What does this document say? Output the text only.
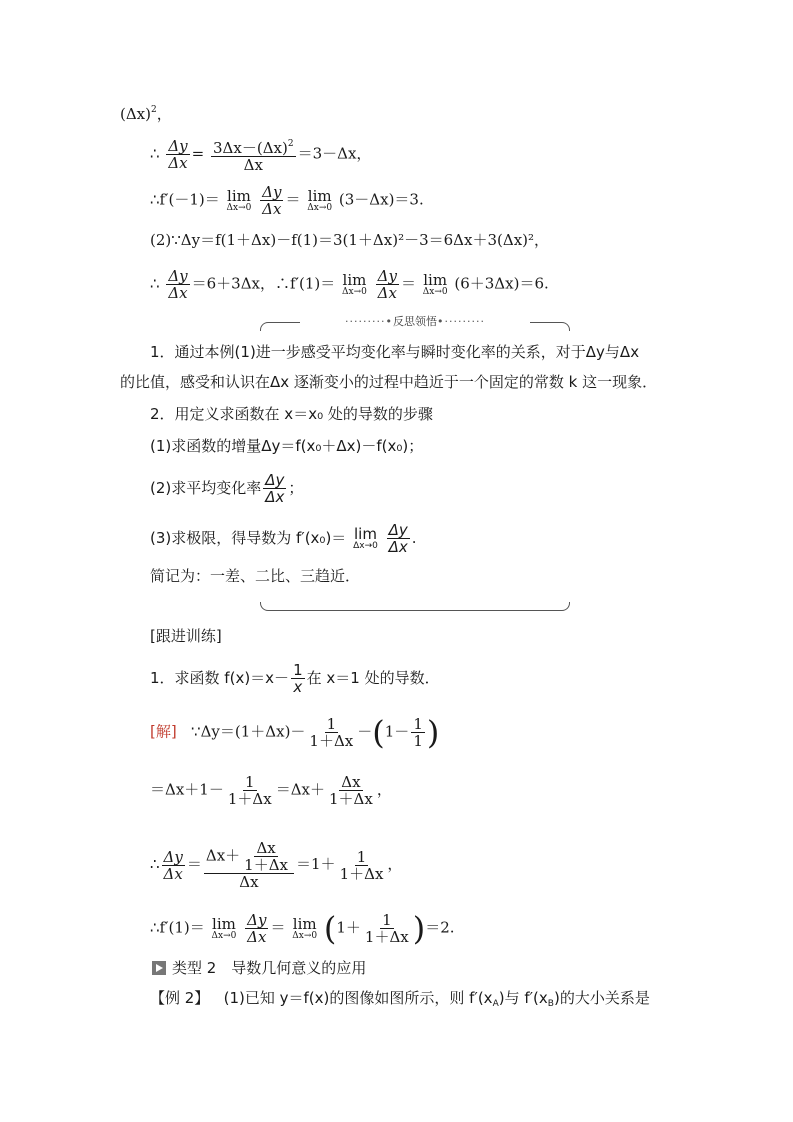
$(\Delta x)^2$，
∴ $\frac{\Delta y}{\Delta x} = \frac{3\Delta x-(\Delta x)^2}{\Delta x} =3-\Delta x$，
∴f′(－1)＝ lim
Δx→0
$\frac{\Delta y}{\Delta x} = \lim$
Δx→0 (3－Δx)＝3.
(2)∵Δy＝f(1＋Δx)－f(1)＝3(1＋Δx)²－3＝6Δx＋3(Δx)²，
∴ $\frac{\Delta y}{\Delta x} =6+3\Delta x$，∴f′(1)＝ lim
Δx→0
$\frac{\Delta y}{\Delta x} = \lim$
Δx→0 (6＋3Δx)＝6.
·········•反思领悟•·········
1．通过本例(1)进一步感受平均变化率与瞬时变化率的关系，对于Δy与Δx
的比值，感受和认识在Δx 逐渐变小的过程中趋近于一个固定的常数 k 这一现象．
2．用定义求函数在 x＝x₀ 处的导数的步骤
(1)求函数的增量Δy＝f(x₀＋Δx)－f(x₀)；
(2)求平均变化率 $\frac{\Delta y}{\Delta x}$ ；
(3)求极限，得导数为 f′(x₀)＝ lim
Δx→0
$\frac{\Delta y}{\Delta x}$ .
简记为：一差、二比、三趋近．
[跟进训练]
1．求函数 $f(x)=x- \frac{1}{x}$ 在 x＝1 处的导数．
[解] ∵Δy＝(1＋Δx)－ $\frac{1}{1+\Delta x} -(1- \frac{1}{1}$ )
$=\Delta x+1- \frac{1}{1+\Delta x} =\Delta x+ \frac{\Delta x}{1+\Delta x}$ ，
∴ $\frac{\Delta y}{\Delta x} = \frac{\Delta x+ \frac{\Delta x}{1+\Delta x}}{\Delta x} =1+ \frac{1}{1+\Delta x}$ ，
∴f′(1)＝ lim
Δx→0
$\frac{\Delta y}{\Delta x} = \lim$
Δx→0 $(1+ \frac{1}{1+\Delta x} )=2$.
类型 2　导数几何意义的应用
【例 2】 (1)已知 y＝f(x)的图像如图所示，则 $f'(x_A)$与 $f'(x_B)$的大小关系是
